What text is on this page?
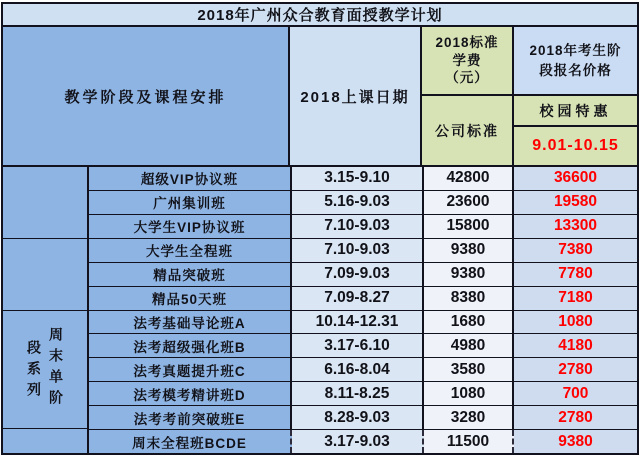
2018年广州众合教育面授教学计划
教学阶段及课程安排	2018上课日期
2018标准
学费
（元）
公司标准
2018年考生阶段报名价格
校园特惠
9.01-10.15
段系列 周末单阶
超级VIP协议班	3.15-9.10	42800	36600
广州集训班	5.16-9.03	23600	19580
大学生VIP协议班	7.10-9.03	15800	13300
大学生全程班	7.10-9.03	9380	7380
精品突破班	7.09-9.03	9380	7780
精品50天班	7.09-8.27	8380	7180
法考基础导论班A	10.14-12.31	1680	1080
法考超级强化班B	3.17-6.10	4980	4180
法考真题提升班C	6.16-8.04	3580	2780
法考模考精讲班D	8.11-8.25	1080	700
法考考前突破班E	8.28-9.03	3280	2780
周末全程班BCDE	3.17-9.03	11500	9380
